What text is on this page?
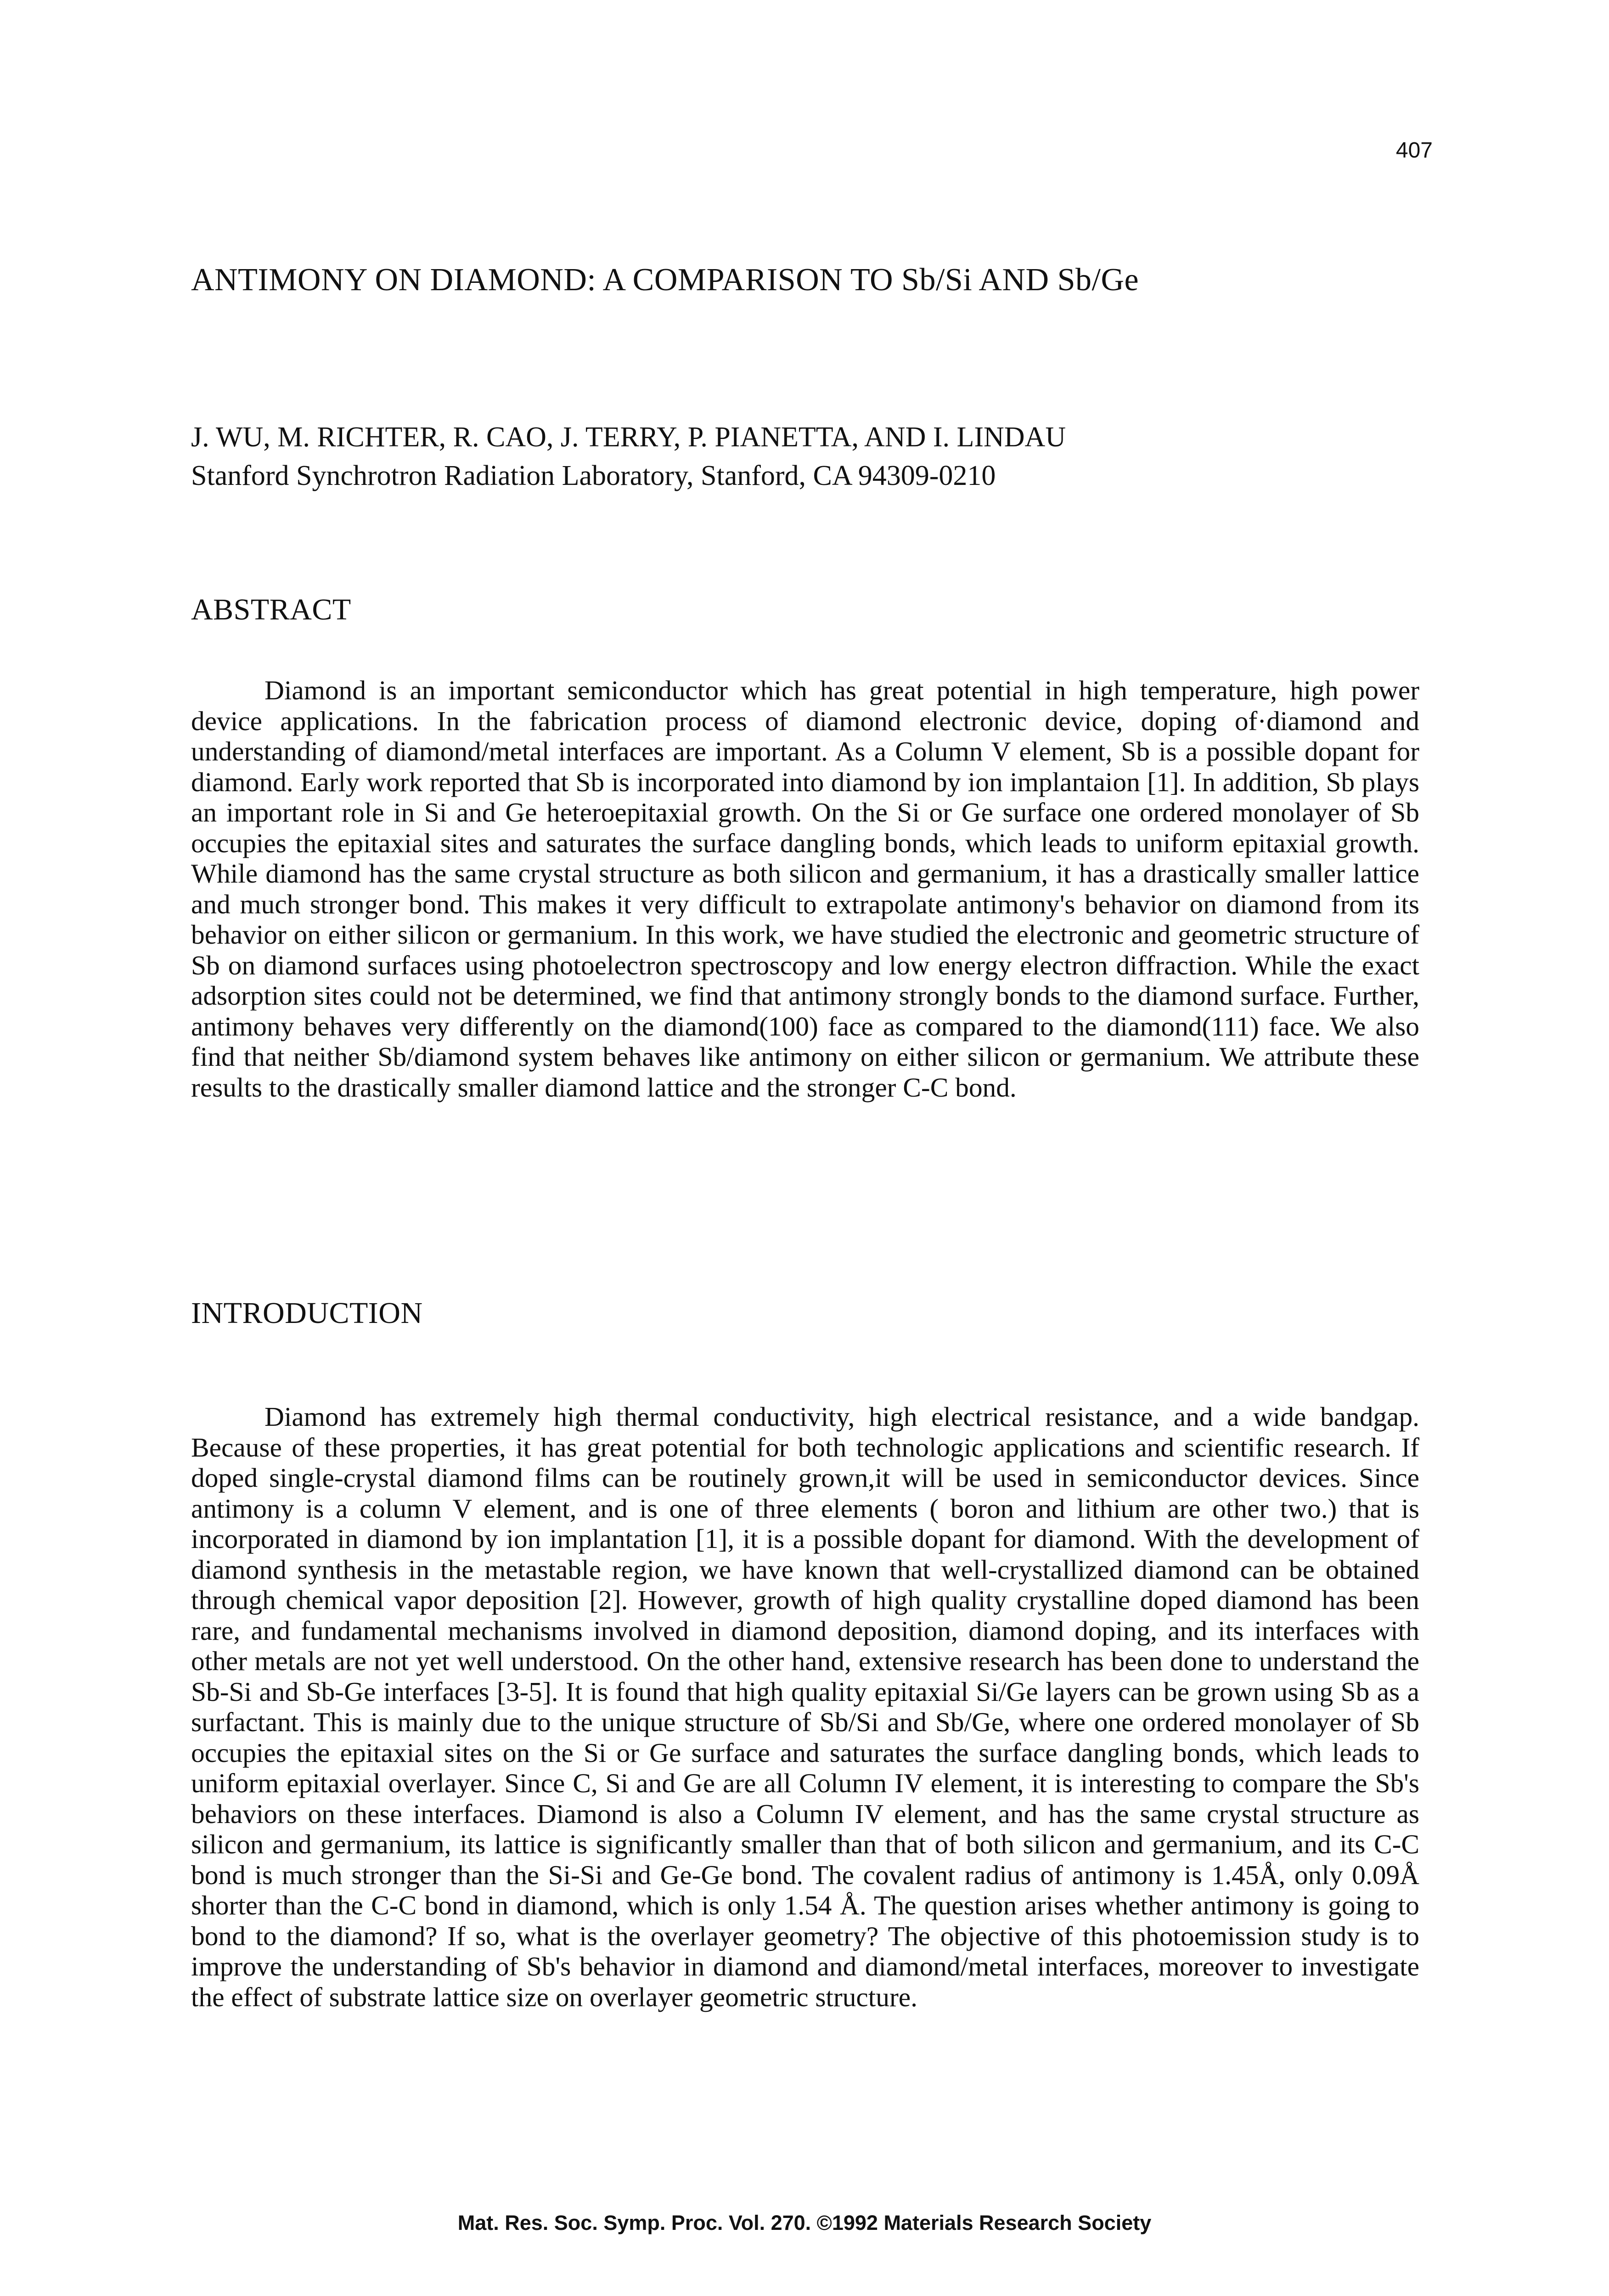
407
ANTIMONY ON DIAMOND: A COMPARISON TO Sb/Si AND Sb/Ge
J. WU, M. RICHTER, R. CAO, J. TERRY, P. PIANETTA, AND I. LINDAU
Stanford Synchrotron Radiation Laboratory, Stanford, CA 94309-0210
ABSTRACT

Diamond is an important semiconductor which has great potential in high temperature, high power device applications. In the fabrication process of diamond electronic device, doping of·diamond and understanding of diamond/metal interfaces are important. As a Column V element, Sb is a possible dopant for diamond. Early work reported that Sb is incorporated into diamond by ion implantaion [1]. In addition, Sb plays an important role in Si and Ge heteroepitaxial growth. On the Si or Ge surface one ordered monolayer of Sb occupies the epitaxial sites and saturates the surface dangling bonds, which leads to uniform epitaxial growth. While diamond has the same crystal structure as both silicon and germanium, it has a drastically smaller lattice and much stronger bond. This makes it very difficult to extrapolate antimony's behavior on diamond from its behavior on either silicon or germanium. In this work, we have studied the electronic and geometric structure of Sb on diamond surfaces using photoelectron spectroscopy and low energy electron diffraction. While the exact adsorption sites could not be determined, we find that antimony strongly bonds to the diamond surface. Further, antimony behaves very differently on the diamond(100) face as compared to the diamond(111) face. We also find that neither Sb/diamond system behaves like antimony on either silicon or germanium. We attribute these results to the drastically smaller diamond lattice and the stronger C-C bond.

INTRODUCTION

Diamond has extremely high thermal conductivity, high electrical resistance, and a wide bandgap. Because of these properties, it has great potential for both technologic applications and scientific research. If doped single-crystal diamond films can be routinely grown,it will be used in semiconductor devices. Since antimony is a column V element, and is one of three elements ( boron and lithium are other two.) that is incorporated in diamond by ion implantation [1], it is a possible dopant for diamond. With the development of diamond synthesis in the metastable region, we have known that well-crystallized diamond can be obtained through chemical vapor deposition [2]. However, growth of high quality crystalline doped diamond has been rare, and fundamental mechanisms involved in diamond deposition, diamond doping, and its interfaces with other metals are not yet well understood. On the other hand, extensive research has been done to understand the Sb-Si and Sb-Ge interfaces [3-5]. It is found that high quality epitaxial Si/Ge layers can be grown using Sb as a surfactant. This is mainly due to the unique structure of Sb/Si and Sb/Ge, where one ordered monolayer of Sb occupies the epitaxial sites on the Si or Ge surface and saturates the surface dangling bonds, which leads to uniform epitaxial overlayer. Since C, Si and Ge are all Column IV element, it is interesting to compare the Sb's behaviors on these interfaces. Diamond is also a Column IV element, and has the same crystal structure as silicon and germanium, its lattice is significantly smaller than that of both silicon and germanium, and its C-C bond is much stronger than the Si-Si and Ge-Ge bond. The covalent radius of antimony is 1.45Å, only 0.09Å shorter than the C-C bond in diamond, which is only 1.54 Å. The question arises whether antimony is going to bond to the diamond? If so, what is the overlayer geometry? The objective of this photoemission study is to improve the understanding of Sb's behavior in diamond and diamond/metal interfaces, moreover to investigate the effect of substrate lattice size on overlayer geometric structure.

Mat. Res. Soc. Symp. Proc. Vol. 270. ©1992 Materials Research Society
